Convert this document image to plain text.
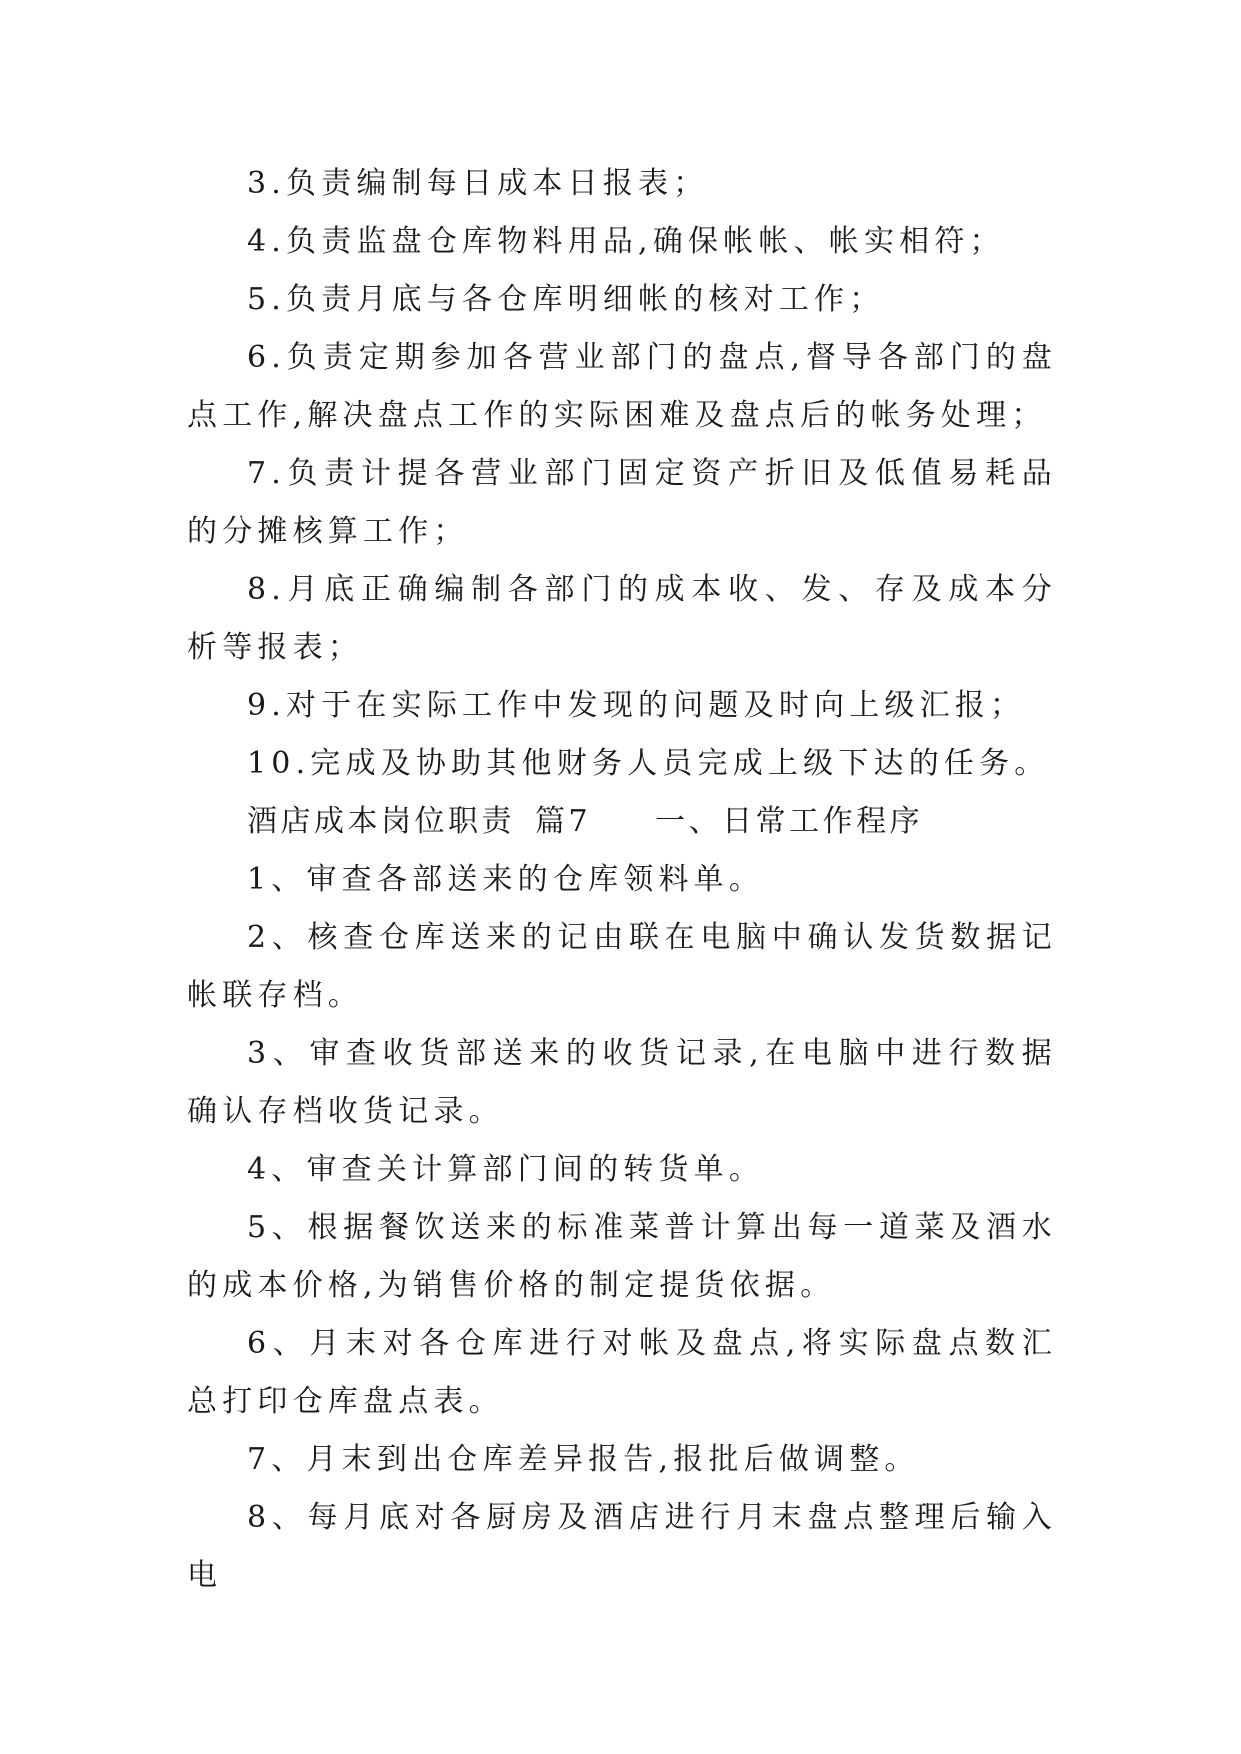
3.负责编制每日成本日报表；

4.负责监盘仓库物料用品,确保帐帐、帐实相符；

5.负责月底与各仓库明细帐的核对工作；

6.负责定期参加各营业部门的盘点,督导各部门的盘点工作,解决盘点工作的实际困难及盘点后的帐务处理；

7.负责计提各营业部门固定资产折旧及低值易耗品的分摊核算工作；

8.月底正确编制各部门的成本收、发、存及成本分析等报表；

9.对于在实际工作中发现的问题及时向上级汇报；

10.完成及协助其他财务人员完成上级下达的任务。

酒店成本岗位职责 篇7 一、日常工作程序

1、审查各部送来的仓库领料单。

2、核查仓库送来的记由联在电脑中确认发货数据记帐联存档。

3、审查收货部送来的收货记录,在电脑中进行数据确认存档收货记录。

4、审查关计算部门间的转货单。

5、根据餐饮送来的标准菜普计算出每一道菜及酒水的成本价格,为销售价格的制定提货依据。

6、月末对各仓库进行对帐及盘点,将实际盘点数汇总打印仓库盘点表。

7、月末到出仓库差异报告,报批后做调整。

8、每月底对各厨房及酒店进行月末盘点整理后输入电
